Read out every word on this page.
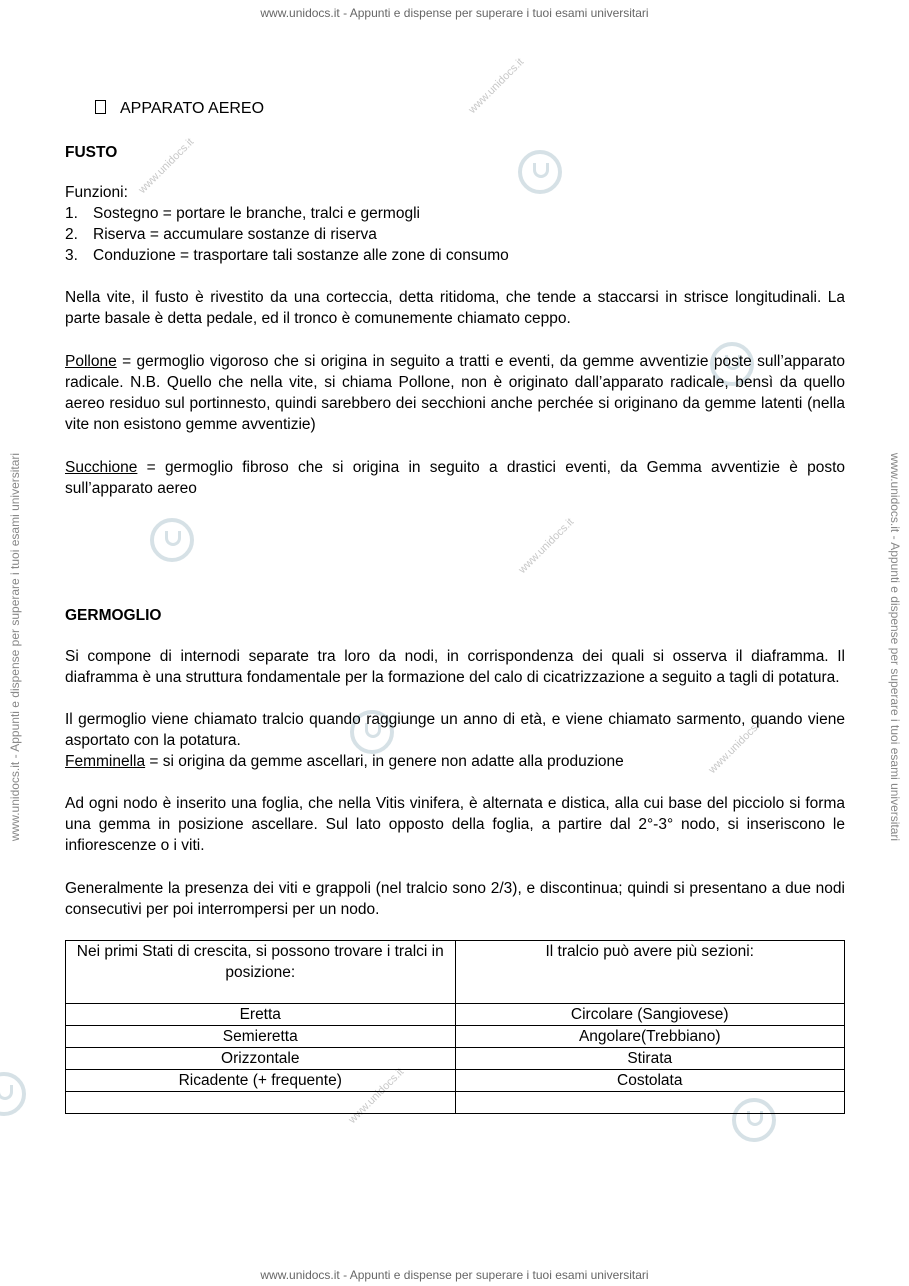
www.unidocs.it - Appunti e dispense per superare i tuoi esami universitari
www.unidocs.it - Appunti e dispense per superare i tuoi esami universitari
www.unidocs.it - Appunti e dispense per superare i tuoi esami universitari	www.unidocs.it - Appunti e dispense per superare i tuoi esami universitari
www.unidocs.it
www.unidocs.it
www.unidocs.it
www.unidocs.it
www.unidocs.it
APPARATO AEREO
FUSTO
Funzioni:
1. Sostegno = portare le branche, tralci e germogli
2. Riserva = accumulare sostanze di riserva
3. Conduzione = trasportare tali sostanze alle zone di consumo
Nella vite, il fusto è rivestito da una corteccia, detta ritidoma, che tende a staccarsi in strisce longitudinali. La parte basale è detta pedale, ed il tronco è comunemente chiamato ceppo.
Pollone = germoglio vigoroso che si origina in seguito a tratti e eventi, da gemme avventizie poste sull’apparato radicale. N.B. Quello che nella vite, si chiama Pollone, non è originato dall’apparato radicale, bensì da quello aereo residuo sul portinnesto, quindi sarebbero dei secchioni anche perchée si originano da gemme latenti (nella vite non esistono gemme avventizie)
Succhione = germoglio fibroso che si origina in seguito a drastici eventi, da Gemma avventizie è posto sull’apparato aereo
GERMOGLIO
Si compone di internodi separate tra loro da nodi, in corrispondenza dei quali si osserva il diaframma. Il diaframma è una struttura fondamentale per la formazione del calo di cicatrizzazione a seguito a tagli di potatura.
Il germoglio viene chiamato tralcio quando raggiunge un anno di età, e viene chiamato sarmento, quando viene asportato con la potatura.
Femminella = si origina da gemme ascellari, in genere non adatte alla produzione
Ad ogni nodo è inserito una foglia, che nella Vitis vinifera, è alternata e distica, alla cui base del picciolo si forma una gemma in posizione ascellare. Sul lato opposto della foglia, a partire dal 2°-3° nodo, si inseriscono le infiorescenze o i viti.
Generalmente la presenza dei viti e grappoli (nel tralcio sono 2/3), e discontinua; quindi si presentano a due nodi consecutivi per poi interrompersi per un nodo.
Nei primi Stati di crescita, si possono trovare i tralci in posizione:	Il tralcio può avere più sezioni:
Eretta	Circolare (Sangiovese)
Semieretta	Angolare(Trebbiano)
Orizzontale	Stirata
Ricadente (+ frequente)	Costolata
